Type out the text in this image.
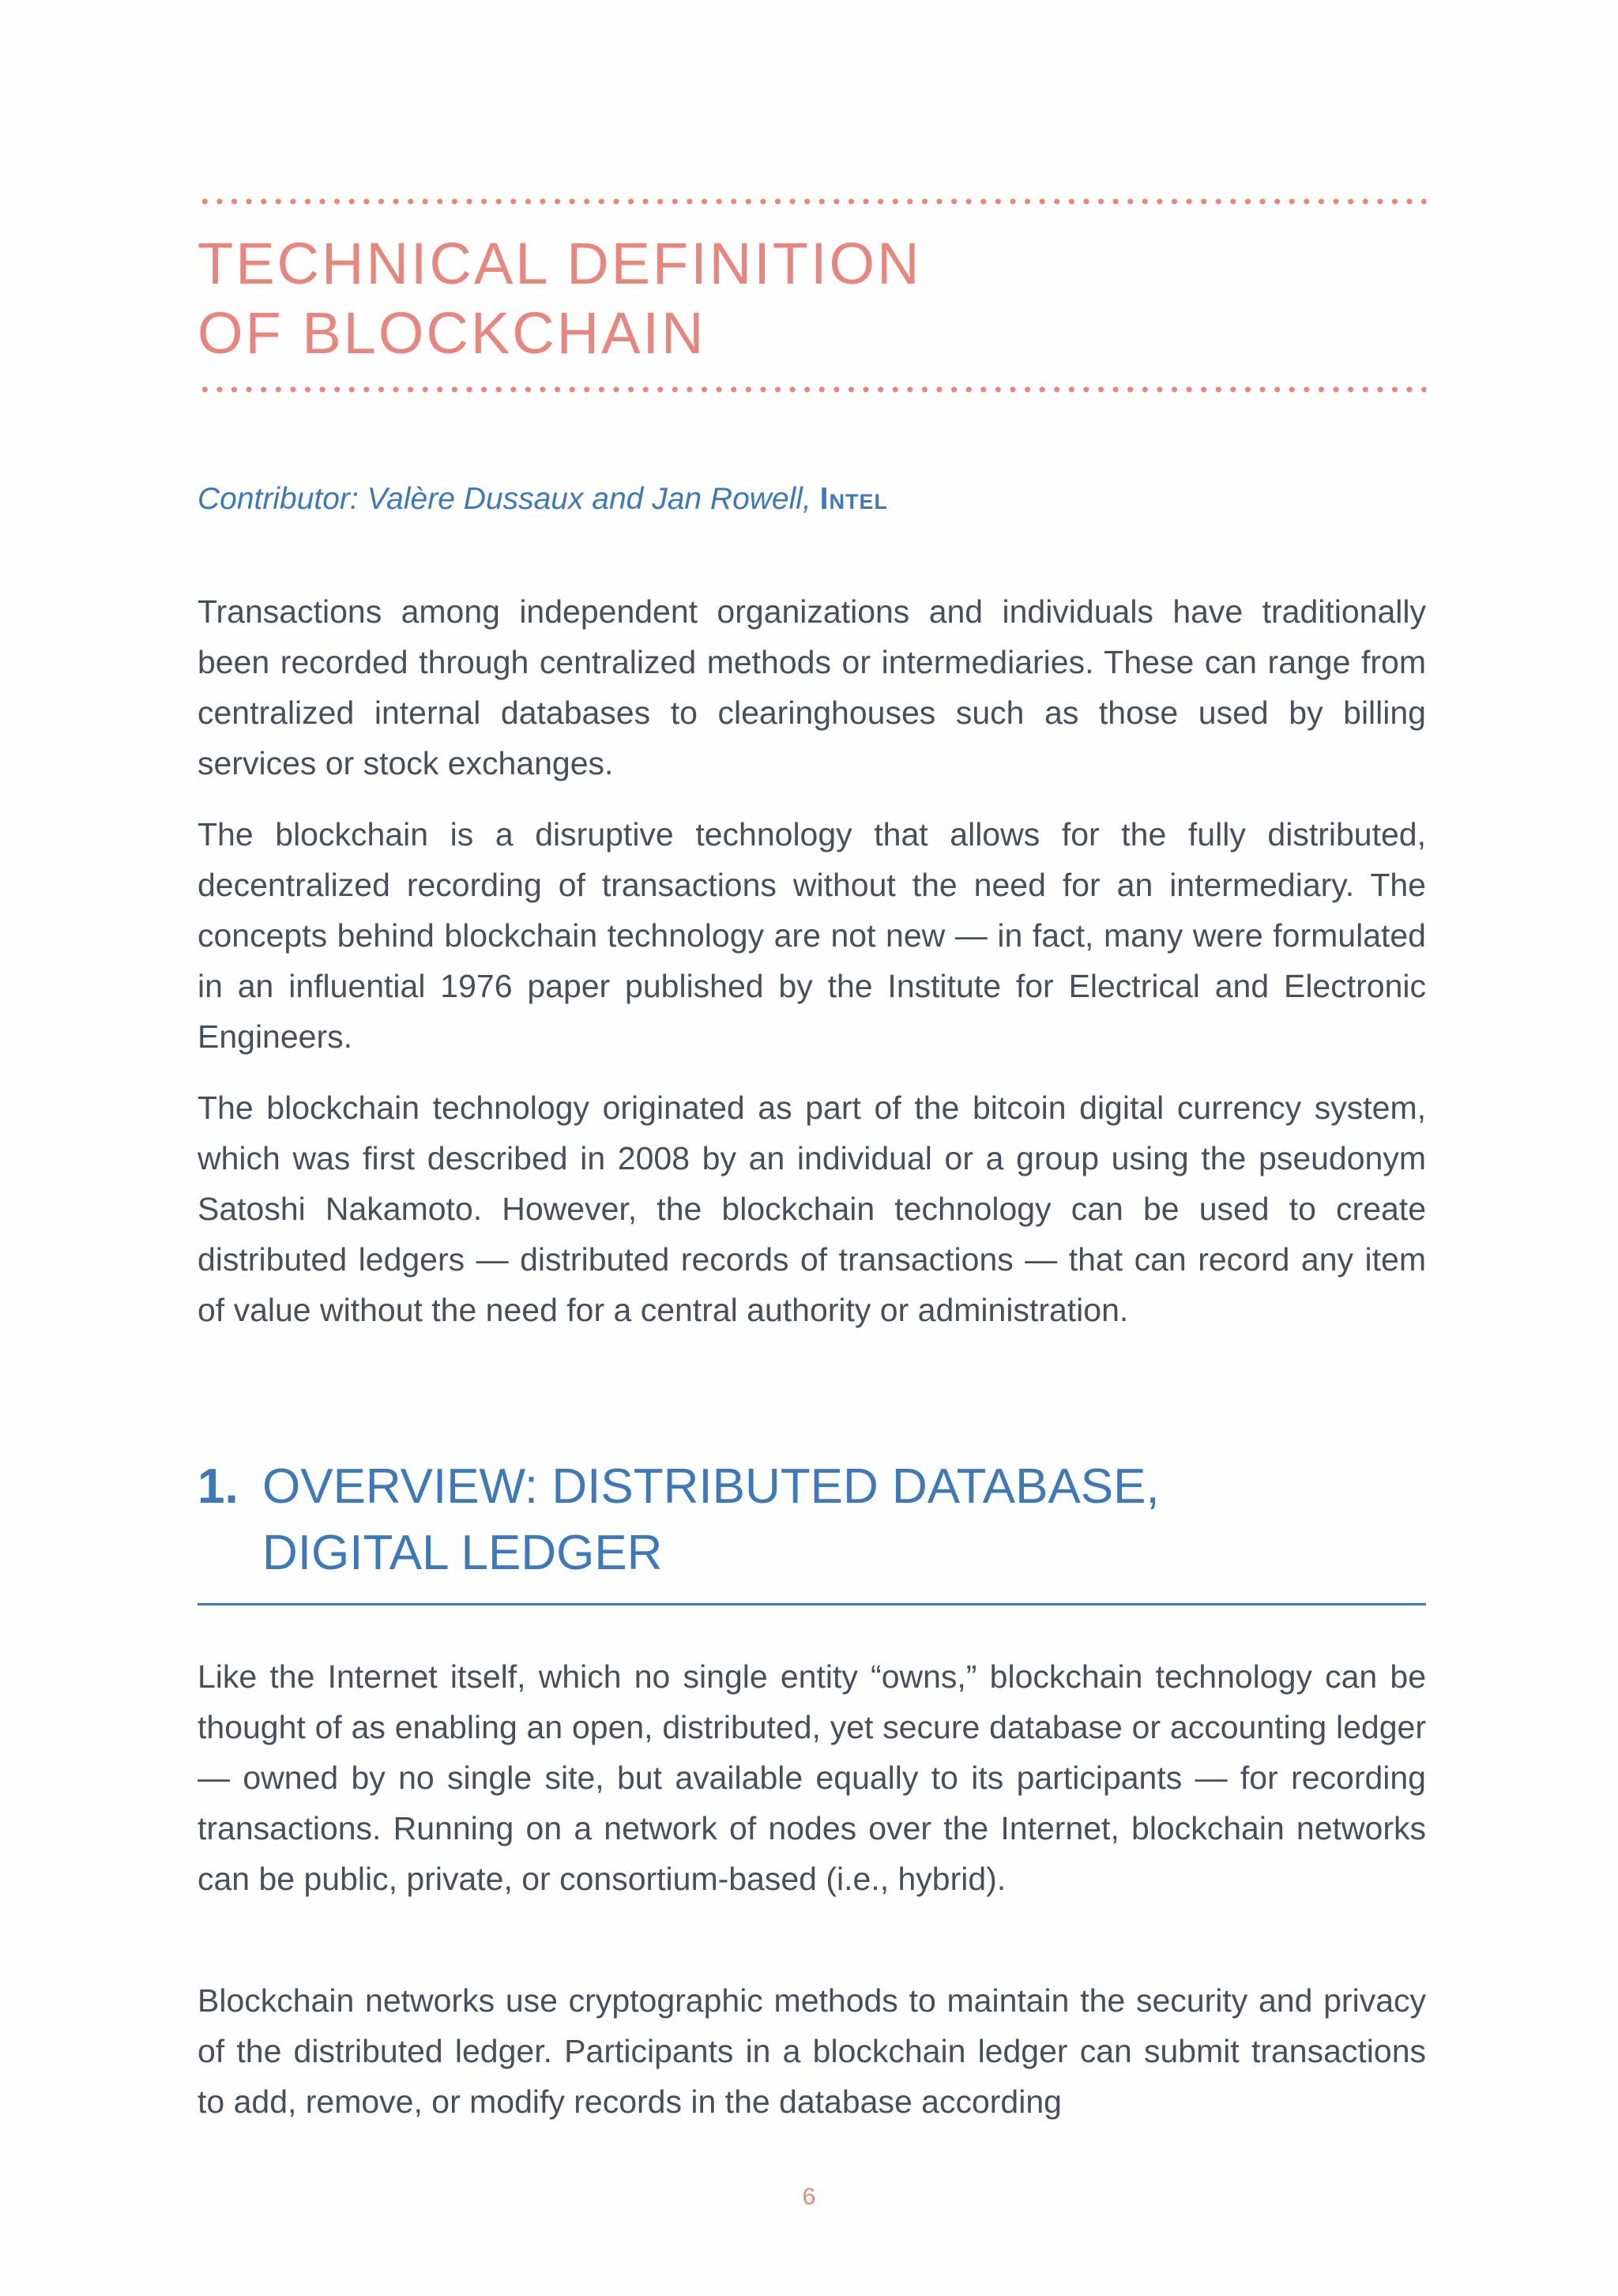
TECHNICAL DEFINITION
OF BLOCKCHAIN

Contributor: Valère Dussaux and Jan Rowell, Intel

Transactions among independent organizations and individuals have traditionally been recorded through centralized methods or intermediaries. These can range from centralized internal databases to clearinghouses such as those used by billing services or stock exchanges.

The blockchain is a disruptive technology that allows for the fully distributed, decentralized recording of transactions without the need for an intermediary. The concepts behind blockchain technology are not new — in fact, many were formulated in an influential 1976 paper published by the Institute for Electrical and Electronic Engineers.

The blockchain technology originated as part of the bitcoin digital currency system, which was first described in 2008 by an individual or a group using the pseudonym Satoshi Nakamoto. However, the blockchain technology can be used to create distributed ledgers — distributed records of transactions — that can record any item of value without the need for a central authority or administration.

1. OVERVIEW: DISTRIBUTED DATABASE,
DIGITAL LEDGER

Like the Internet itself, which no single entity “owns,” blockchain technology can be thought of as enabling an open, distributed, yet secure database or accounting ledger — owned by no single site, but available equally to its participants — for recording transactions. Running on a network of nodes over the Internet, blockchain networks can be public, private, or consortium-based (i.e., hybrid).

Blockchain networks use cryptographic methods to maintain the security and privacy of the distributed ledger. Participants in a blockchain ledger can submit transactions to add, remove, or modify records in the database according

6
